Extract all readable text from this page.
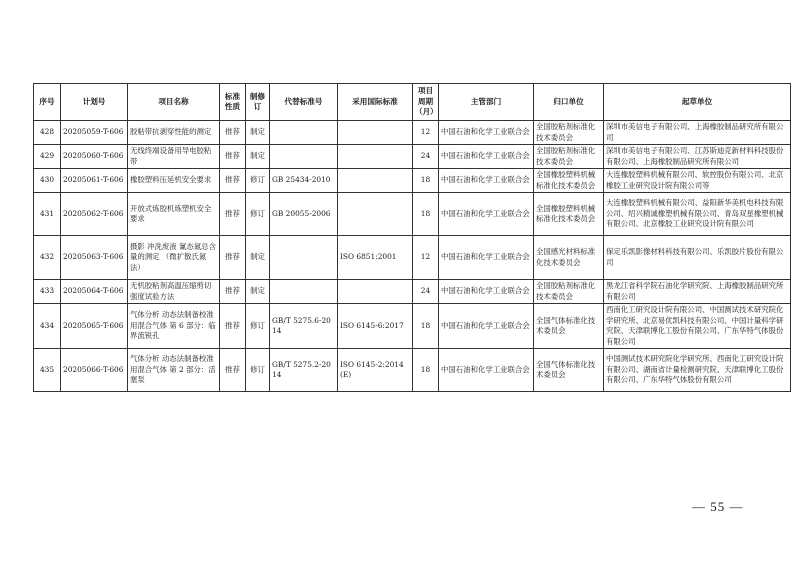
序号	计划号	项目名称	标准性质	制修订	代替标准号	采用国际标准	项目周期（月）	主管部门	归口单位	起草单位
428	20205059-T-606	胶粘带抗剥穿性能的测定	推荐	制定			12	中国石油和化学工业联合会	全国胶粘剂标准化技术委员会	深圳市美信电子有限公司、上海橡胶制品研究所有限公司
429	20205060-T-606	无线终端设备用导电胶粘带	推荐	制定			24	中国石油和化学工业联合会	全国胶粘剂标准化技术委员会	深圳市美信电子有限公司、江苏斯迪克新材料科技股份有限公司、上海橡胶制品研究所有限公司
430	20205061-T-606	橡胶塑料压延机安全要求	推荐	修订	GB 25434-2010		18	中国石油和化学工业联合会	全国橡胶塑料机械标准化技术委员会	大连橡胶塑料机械有限公司、软控股份有限公司、北京橡胶工业研究设计院有限公司等
431	20205062-T-606	开放式炼胶机炼塑机安全要求	推荐	修订	GB 20055-2006		18	中国石油和化学工业联合会	全国橡胶塑料机械标准化技术委员会	大连橡胶塑料机械有限公司、益阳新华美机电科技有限公司、绍兴精诚橡塑机械有限公司、青岛双星橡塑机械有限公司、北京橡胶工业研究设计院有限公司
432	20205063-T-606	摄影 冲洗废液 氰态氮总含量的测定 （微扩散氏氮法）	推荐	制定		ISO 6851:2001	12	中国石油和化学工业联合会	全国感光材料标准化技术委员会	保定乐凯影像材料科技有限公司、乐凯胶片股份有限公司
433	20205064-T-606	无机胶粘剂高温压缩剪切强度试验方法	推荐	制定			24	中国石油和化学工业联合会	全国胶粘剂标准化技术委员会	黑龙江省科学院石油化学研究院、上海橡胶制品研究所有限公司
434	20205065-T-606	气体分析 动态法制备校准用混合气体 第 6 部分：临界流锐孔	推荐	修订	GB/T 5275.6-2014	ISO 6145-6:2017	18	中国石油和化学工业联合会	全国气体标准化技术委员会	西南化工研究设计院有限公司、中国测试技术研究院化学研究所、北京易优凯科技有限公司、中国计量科学研究院、天津联博化工股份有限公司、广东华特气体股份有限公司
435	20205066-T-606	气体分析 动态法制备校准用混合气体 第 2 部分：活塞泵	推荐	修订	GB/T 5275.2-2014	ISO 6145-2:2014 (E)	18	中国石油和化学工业联合会	全国气体标准化技术委员会	中国测试技术研究院化学研究所、西南化工研究设计院有限公司、湖南省计量检测研究院、天津联博化工股份有限公司、广东华特气体股份有限公司
— 55 —
